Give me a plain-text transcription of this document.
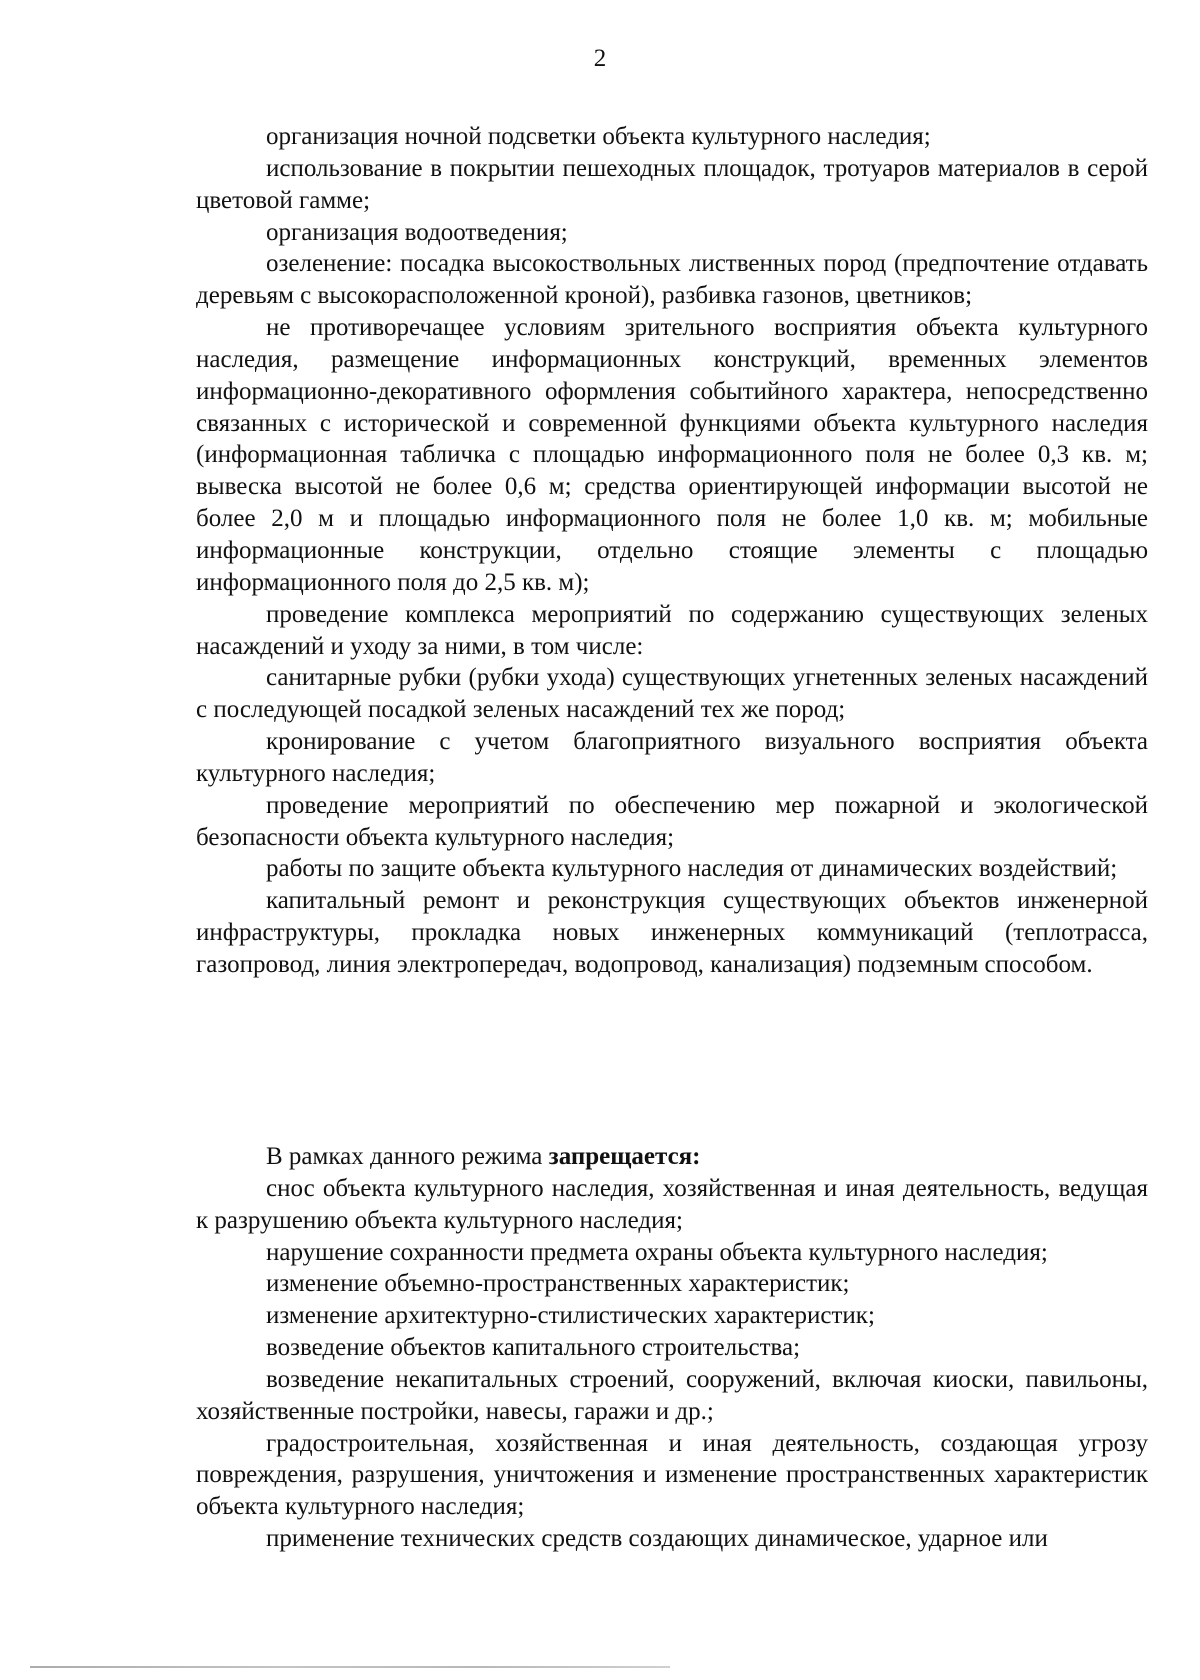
2

организация ночной подсветки объекта культурного наследия;

использование в покрытии пешеходных площадок, тротуаров материалов в серой цветовой гамме;

организация водоотведения;

озеленение: посадка высокоствольных лиственных пород (предпочтение отдавать деревьям с высокорасположенной кроной), разбивка газонов, цветников;

не противоречащее условиям зрительного восприятия объекта культурного наследия, размещение информационных конструкций, временных элементов информационно-декоративного оформления событийного характера, непосредственно связанных с исторической и современной функциями объекта культурного наследия (информационная табличка с площадью информационного поля не более 0,3 кв. м; вывеска высотой не более 0,6 м; средства ориентирующей информации высотой не более 2,0 м и площадью информационного поля не более 1,0 кв. м; мобильные информационные конструкции, отдельно стоящие элементы с площадью информационного поля до 2,5 кв. м);

проведение комплекса мероприятий по содержанию существующих зеленых насаждений и уходу за ними, в том числе:

санитарные рубки (рубки ухода) существующих угнетенных зеленых насаждений с последующей посадкой зеленых насаждений тех же пород;

кронирование с учетом благоприятного визуального восприятия объекта культурного наследия;

проведение мероприятий по обеспечению мер пожарной и экологической безопасности объекта культурного наследия;

работы по защите объекта культурного наследия от динамических воздействий;

капитальный ремонт и реконструкция существующих объектов инженерной инфраструктуры, прокладка новых инженерных коммуникаций (теплотрасса, газопровод, линия электропередач, водопровод, канализация) подземным способом.

В рамках данного режима запрещается:

снос объекта культурного наследия, хозяйственная и иная деятельность, ведущая к разрушению объекта культурного наследия;

нарушение сохранности предмета охраны объекта культурного наследия;

изменение объемно-пространственных характеристик;

изменение архитектурно-стилистических характеристик;

возведение объектов капитального строительства;

возведение некапитальных строений, сооружений, включая киоски, павильоны, хозяйственные постройки, навесы, гаражи и др.;

градостроительная, хозяйственная и иная деятельность, создающая угрозу повреждения, разрушения, уничтожения и изменение пространственных характеристик объекта культурного наследия;

применение технических средств создающих динамическое, ударное или
